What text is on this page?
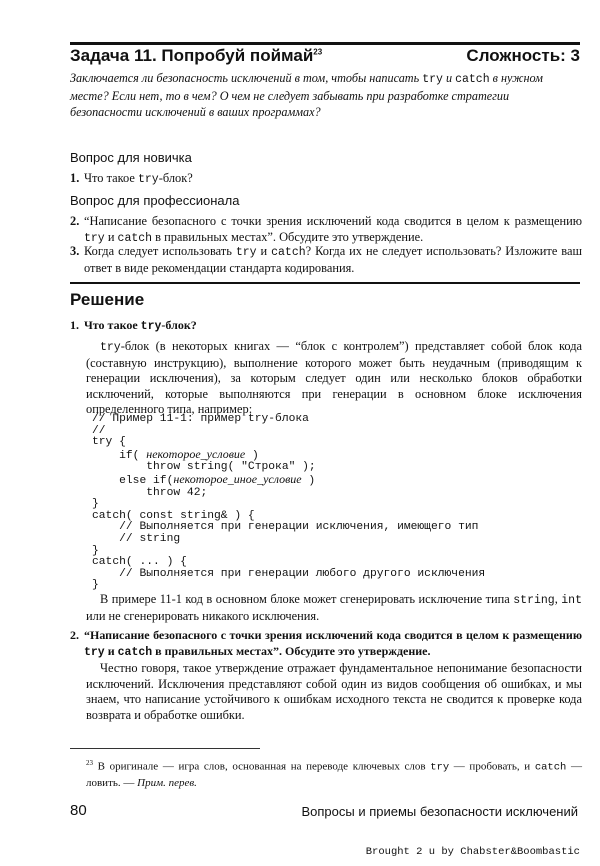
Задача 11. Попробуй поймай$^{23}$	Сложность: 3
Заключается ли безопасность исключений в том, чтобы написать try и catch в нужном месте? Если нет, то в чем? О чем не следует забывать при разработке стратегии безопасности исключений в ваших программах?
Вопрос для новичка
1. Что такое try-блок?
Вопрос для профессионала
2. “Написание безопасного с точки зрения исключений кода сводится в целом к размещению try и catch в правильных местах”. Обсудите это утверждение.
3. Когда следует использовать try и catch? Когда их не следует использовать? Изложите ваш ответ в виде рекомендации стандарта кодирования.
Решение
1. Что такое try-блок?
try-блок (в некоторых книгах — “блок с контролем”) представляет собой блок кода (составную инструкцию), выполнение которого может быть неудачным (приводящим к генерации исключения), за которым следует один или несколько блоков обработки исключений, которые выполняются при генерации в основном блоке исключения определенного типа, например:
// Пример 11-1: пример try-блока
//
try {
if( некоторое_условие )
throw string( "Строка" );
else if(некоторое_иное_условие )
throw 42;
}
catch( const string& ) {
// Выполняется при генерации исключения, имеющего тип
// string
}
catch( ... ) {
// Выполняется при генерации любого другого исключения
}
В примере 11-1 код в основном блоке может сгенерировать исключение типа string, int или не сгенерировать никакого исключения.
2. “Написание безопасного с точки зрения исключений кода сводится в целом к размещению try и catch в правильных местах”. Обсудите это утверждение.
Честно говоря, такое утверждение отражает фундаментальное непонимание безопасности исключений. Исключения представляют собой один из видов сообщения об ошибках, и мы знаем, что написание устойчивого к ошибкам исходного текста не сводится к проверке кода возврата и обработке ошибки.
$^{23}$ В оригинале — игра слов, основанная на переводе ключевых слов try — пробовать, и catch — ловить. — Прим. перев.
80	Вопросы и приемы безопасности исключений
Brought 2 u by Chabster&Boombastic
